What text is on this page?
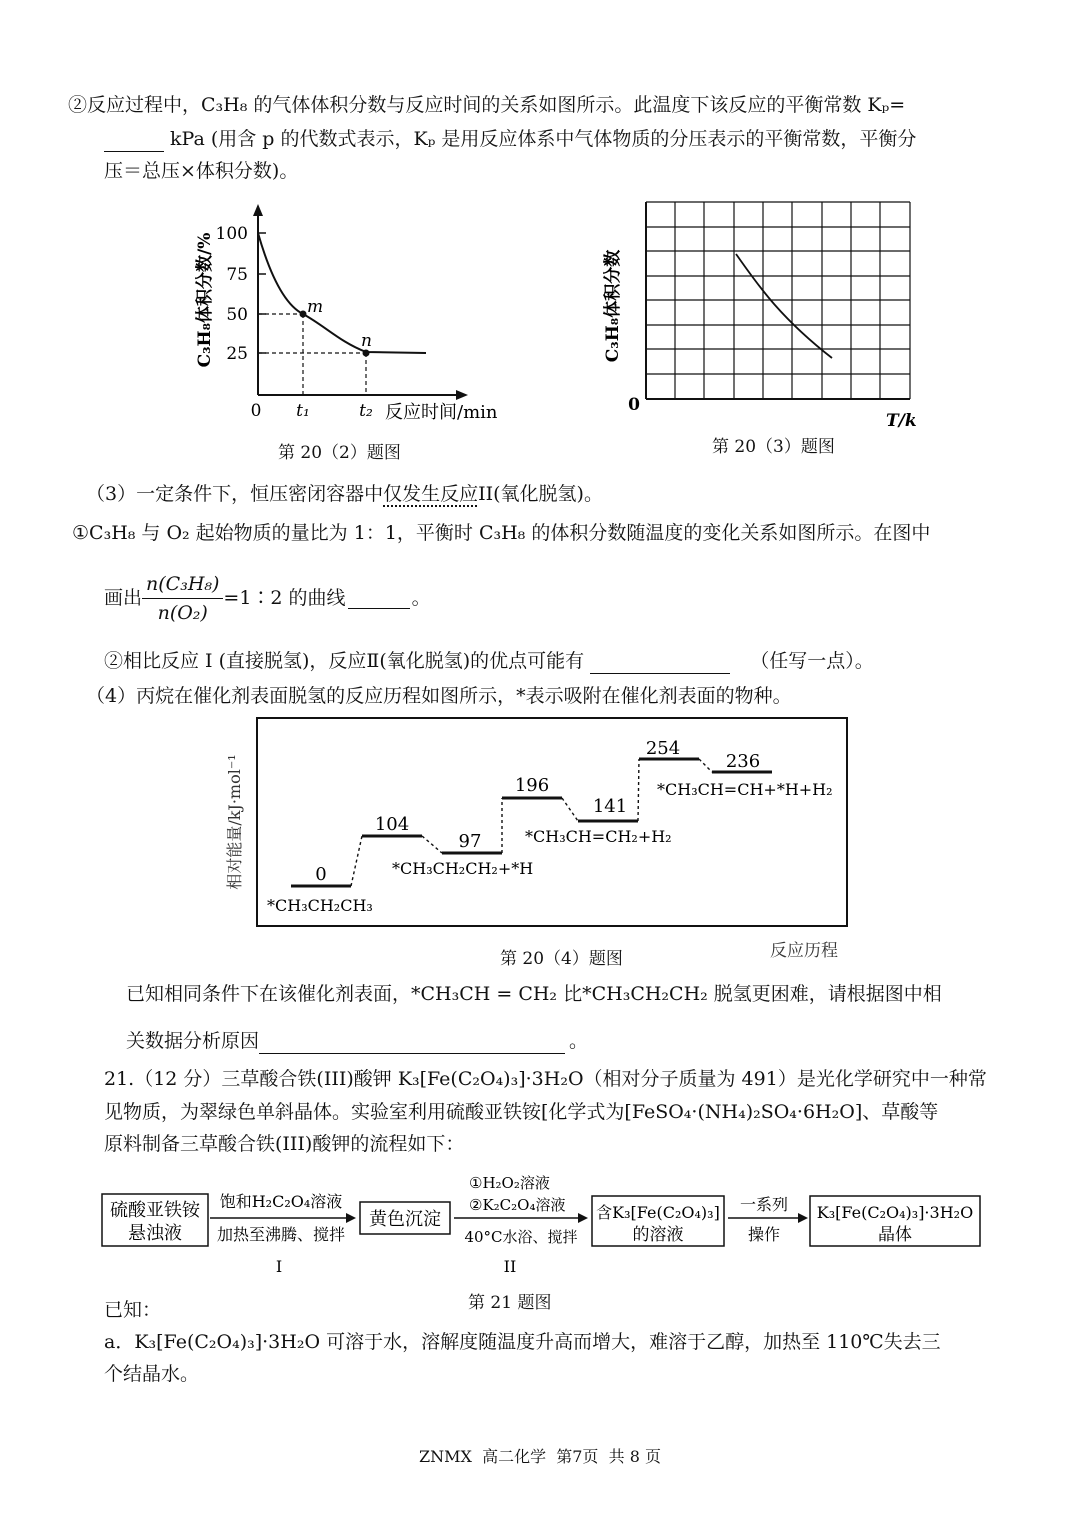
②反应过程中，C₃H₈ 的气体体积分数与反应时间的关系如图所示。此温度下该反应的平衡常数 Kₚ=
kPa (用含 p 的代数式表示，Kₚ 是用反应体系中气体物质的分压表示的平衡常数，平衡分
压＝总压×体积分数)。
100
75
50
25
C₃H₈体积分数/%	m
n
0 t₁	t₂ 反应时间/min
第 20（2）题图
0
C₃H₈体积分数
T/k
第 20（3）题图
（3）一定条件下，恒压密闭容器中仅发生反应II(氧化脱氢)。
①C₃H₈ 与 O₂ 起始物质的量比为 1：1，平衡时 C₃H₈ 的体积分数随温度的变化关系如图所示。在图中
画出 $\frac{\text{n(C₃H₈)}}{\text{n(O₂)}}$ =1∶2 的曲线	。
②相比反应 I (直接脱氢)，反应Ⅱ(氧化脱氢)的优点可能有	（任写一点）。
（4）丙烷在催化剂表面脱氢的反应历程如图所示，*表示吸附在催化剂表面的物种。
相对能量/kJ·mol⁻¹	0
104
97
196
141
254
236
*CH₃CH₂CH₃
*CH₃CH₂CH₂+*H
*CH₃CH=CH₂+H₂
*CH₃CH=CH+*H+H₂
第 20（4）题图	反应历程
已知相同条件下在该催化剂表面，*CH₃CH = CH₂ 比*CH₃CH₂CH₂ 脱氢更困难，请根据图中相
关数据分析原因	。
21.（12 分）三草酸合铁(III)酸钾 K₃[Fe(C₂O₄)₃]·3H₂O（相对分子质量为 491）是光化学研究中一种常
见物质，为翠绿色单斜晶体。实验室利用硫酸亚铁铵[化学式为[FeSO₄·(NH₄)₂SO₄·6H₂O]、草酸等
原料制备三草酸合铁(III)酸钾的流程如下：
硫酸亚铁铵
悬浊液
饱和H₂C₂O₄溶液
加热至沸腾、搅拌
I
黄色沉淀
①H₂O₂溶液
②K₂C₂O₄溶液
40°C水浴、搅拌
II
含K₃[Fe(C₂O₄)₃]
的溶液
一系列
操作
K₃[Fe(C₂O₄)₃]·3H₂O
晶体
已知：	第 21 题图
a．K₃[Fe(C₂O₄)₃]·3H₂O 可溶于水，溶解度随温度升高而增大，难溶于乙醇，加热至 110℃失去三
个结晶水。
ZNMX  高二化学  第7页  共 8 页
